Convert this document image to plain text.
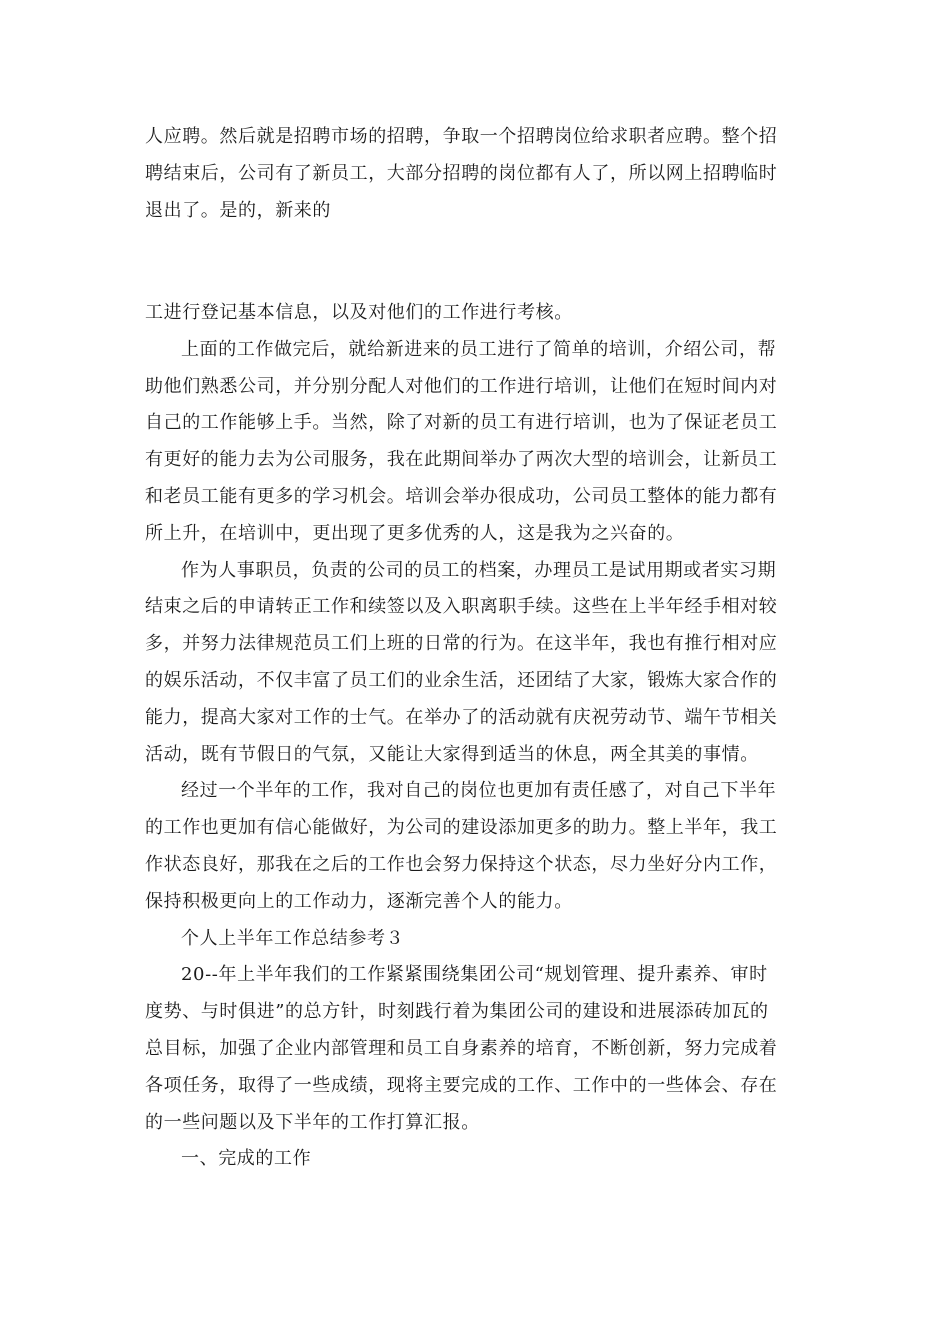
人应聘。然后就是招聘市场的招聘，争取一个招聘岗位给求职者应聘。整个招
聘结束后，公司有了新员工，大部分招聘的岗位都有人了，所以网上招聘临时
退出了。是的，新来的
工进行登记基本信息，以及对他们的工作进行考核。
上面的工作做完后，就给新进来的员工进行了简单的培训，介绍公司，帮
助他们熟悉公司，并分别分配人对他们的工作进行培训，让他们在短时间内对
自己的工作能够上手。当然，除了对新的员工有进行培训，也为了保证老员工
有更好的能力去为公司服务，我在此期间举办了两次大型的培训会，让新员工
和老员工能有更多的学习机会。培训会举办很成功，公司员工整体的能力都有
所上升，在培训中，更出现了更多优秀的人，这是我为之兴奋的。
作为人事职员，负责的公司的员工的档案，办理员工是试用期或者实习期
结束之后的申请转正工作和续签以及入职离职手续。这些在上半年经手相对较
多，并努力法律规范员工们上班的日常的行为。在这半年，我也有推行相对应
的娱乐活动，不仅丰富了员工们的业余生活，还团结了大家，锻炼大家合作的
能力，提高大家对工作的士气。在举办了的活动就有庆祝劳动节、端午节相关
活动，既有节假日的气氛，又能让大家得到适当的休息，两全其美的事情。
经过一个半年的工作，我对自己的岗位也更加有责任感了，对自己下半年
的工作也更加有信心能做好，为公司的建设添加更多的助力。整上半年，我工
作状态良好，那我在之后的工作也会努力保持这个状态，尽力坐好分内工作，
保持积极更向上的工作动力，逐渐完善个人的能力。
个人上半年工作总结参考３
20--年上半年我们的工作紧紧围绕集团公司“规划管理、提升素养、审时
度势、与时俱进”的总方针，时刻践行着为集团公司的建设和进展添砖加瓦的
总目标，加强了企业内部管理和员工自身素养的培育，不断创新，努力完成着
各项任务，取得了一些成绩，现将主要完成的工作、工作中的一些体会、存在
的一些问题以及下半年的工作打算汇报。
一、完成的工作
